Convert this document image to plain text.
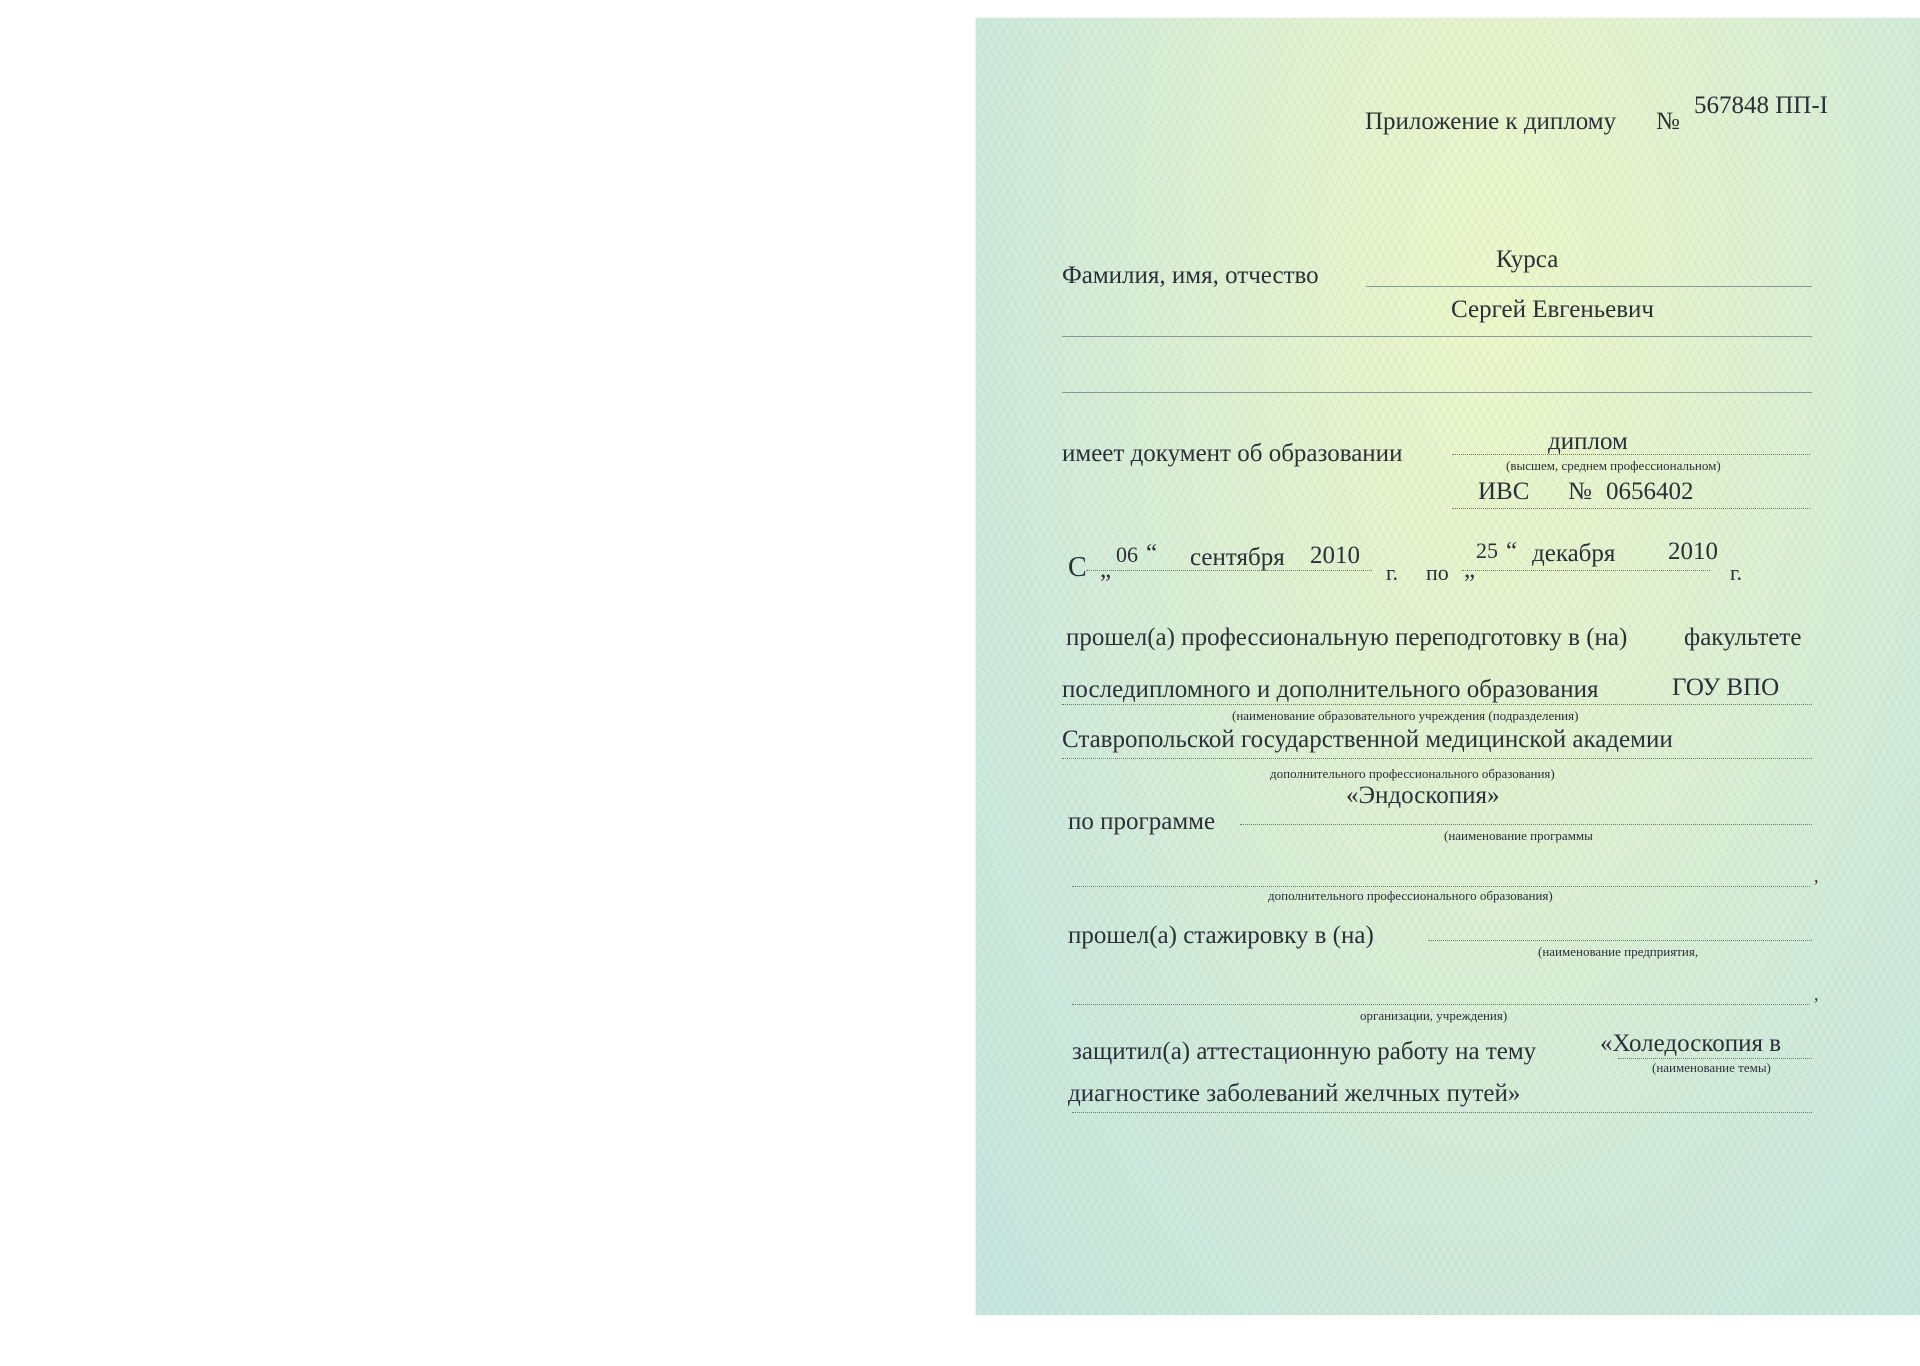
Приложение к диплому №
567848 ПП-I
Фамилия, имя, отчество
Курса
Сергей Евгеньевич
имеет документ об образовании	диплом
(высшем, среднем профессиональном)
ИВС № 0656402
С „
06 “ сентября 2010
г. по „
25 “ декабря 2010
г.
прошел(а) профессиональную переподготовку в (на) факультете
последипломного и дополнительного образования	ГОУ ВПО
(наименование образовательного учреждения (подразделения)
Ставропольской государственной медицинской академии
дополнительного профессионального образования)
«Эндоскопия»
по программе
(наименование программы
,
дополнительного профессионального образования)
прошел(а) стажировку в (на)
(наименование предприятия,
,
организации, учреждения)
защитил(а) аттестационную работу на тему	«Холедоскопия в
(наименование темы)
диагностике заболеваний желчных путей»
